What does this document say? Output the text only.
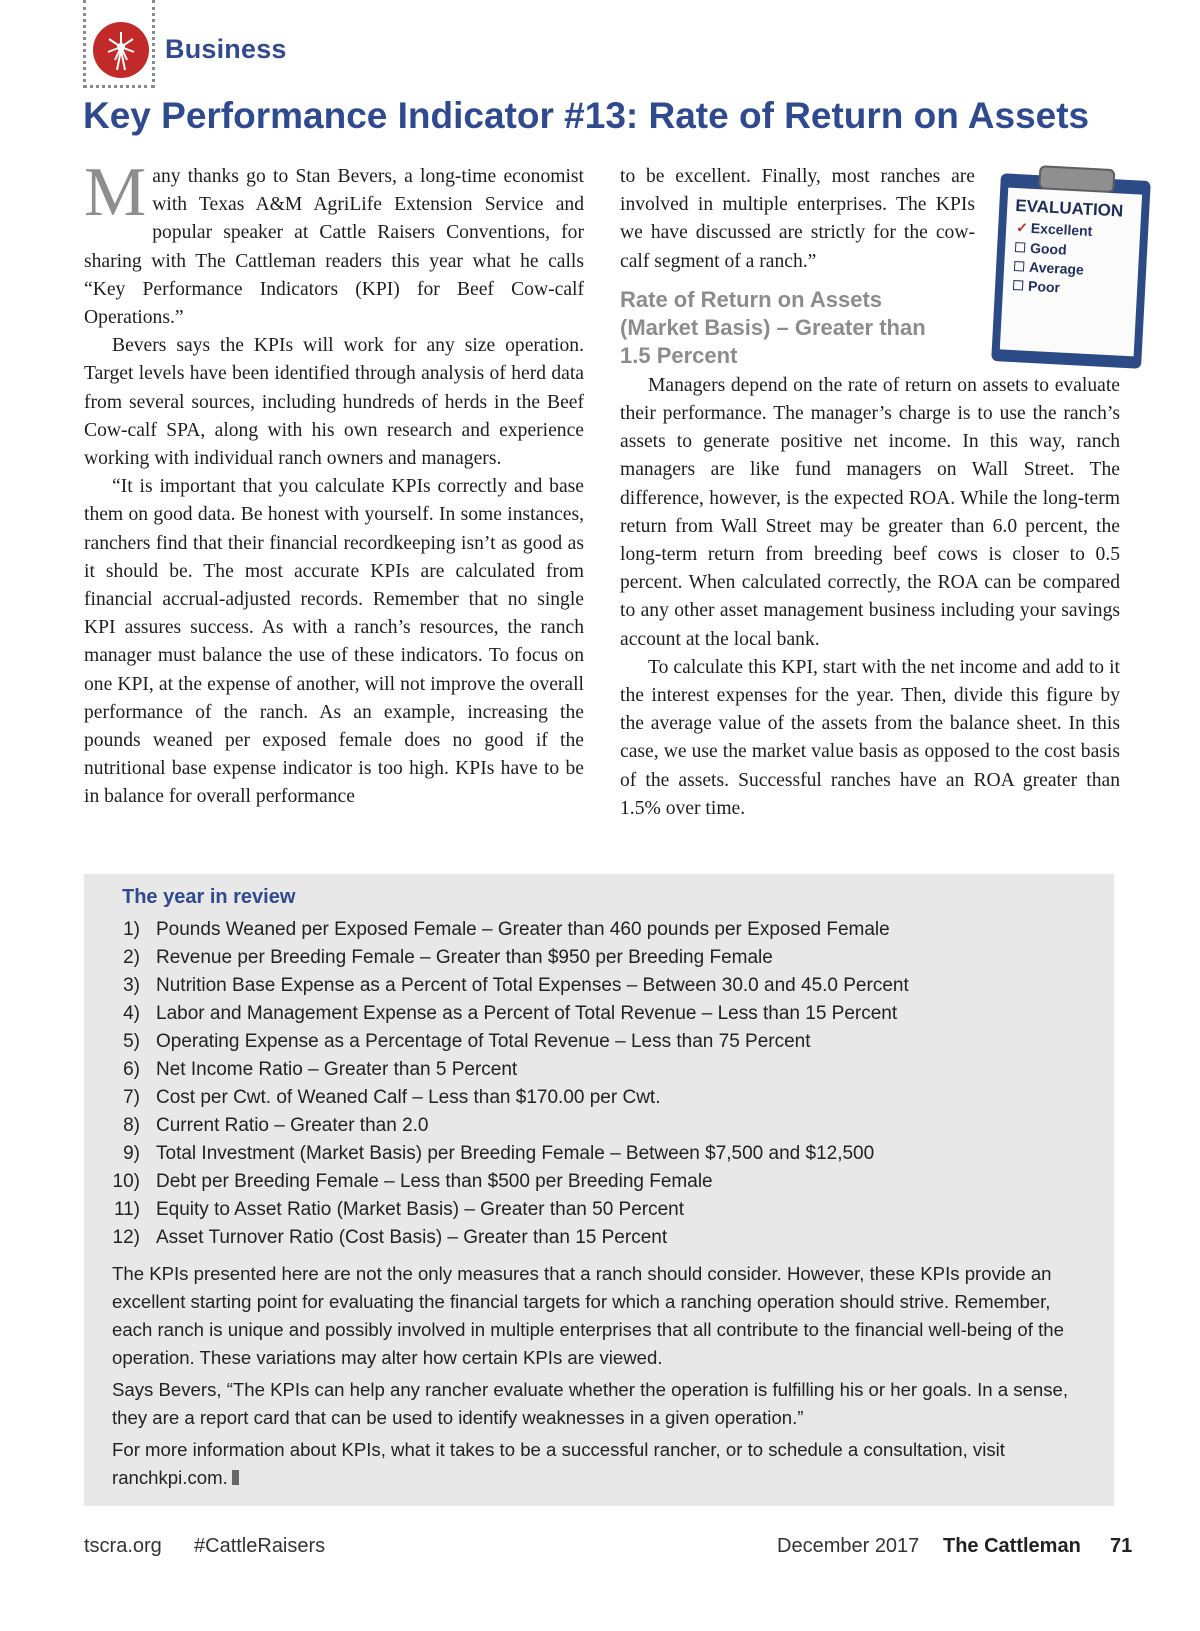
Business
Key Performance Indicator #13: Rate of Return on Assets

Many thanks go to Stan Bevers, a long-time economist with Texas A&M AgriLife Extension Service and popular speaker at Cattle Raisers Conventions, for sharing with The Cattleman readers this year what he calls “Key Performance Indicators (KPI) for Beef Cow-calf Operations.”

Bevers says the KPIs will work for any size operation. Target levels have been identified through analysis of herd data from several sources, including hundreds of herds in the Beef Cow-calf SPA, along with his own research and experience working with individual ranch owners and managers.

“It is important that you calculate KPIs correctly and base them on good data. Be honest with yourself. In some instances, ranchers find that their financial recordkeeping isn’t as good as it should be. The most accurate KPIs are calculated from financial accrual-adjusted records. Remember that no single KPI assures success. As with a ranch’s resources, the ranch manager must balance the use of these indicators. To focus on one KPI, at the expense of another, will not improve the overall performance of the ranch. As an example, increasing the pounds weaned per exposed female does no good if the nutritional base expense indicator is too high. KPIs have to be in balance for overall performance

to be excellent. Finally, most ranches are involved in multiple enterprises. The KPIs we have discussed are strictly for the cow-calf segment of a ranch.”

Rate of Return on Assets (Market Basis) – Greater than 1.5 Percent

Managers depend on the rate of return on assets to evaluate their performance. The manager’s charge is to use the ranch’s assets to generate positive net income. In this way, ranch managers are like fund managers on Wall Street. The difference, however, is the expected ROA. While the long-term return from Wall Street may be greater than 6.0 percent, the long-term return from breeding beef cows is closer to 0.5 percent. When calculated correctly, the ROA can be compared to any other asset management business including your savings account at the local bank.

To calculate this KPI, start with the net income and add to it the interest expenses for the year. Then, divide this figure by the average value of the assets from the balance sheet. In this case, we use the market value basis as opposed to the cost basis of the assets. Successful ranches have an ROA greater than 1.5% over time.

EVALUATION
✓ Excellent
Good
Average
Poor
The year in review
1) Pounds Weaned per Exposed Female – Greater than 460 pounds per Exposed Female
2) Revenue per Breeding Female – Greater than $950 per Breeding Female
3) Nutrition Base Expense as a Percent of Total Expenses – Between 30.0 and 45.0 Percent
4) Labor and Management Expense as a Percent of Total Revenue – Less than 15 Percent
5) Operating Expense as a Percentage of Total Revenue – Less than 75 Percent
6) Net Income Ratio – Greater than 5 Percent
7) Cost per Cwt. of Weaned Calf – Less than $170.00 per Cwt.
8) Current Ratio – Greater than 2.0
9) Total Investment (Market Basis) per Breeding Female – Between $7,500 and $12,500
10) Debt per Breeding Female – Less than $500 per Breeding Female
11) Equity to Asset Ratio (Market Basis) – Greater than 50 Percent
12) Asset Turnover Ratio (Cost Basis) – Greater than 15 Percent

The KPIs presented here are not the only measures that a ranch should consider. However, these KPIs provide an excellent starting point for evaluating the financial targets for which a ranching operation should strive. Remember, each ranch is unique and possibly involved in multiple enterprises that all contribute to the financial well-being of the operation. These variations may alter how certain KPIs are viewed.

Says Bevers, “The KPIs can help any rancher evaluate whether the operation is fulfilling his or her goals. In a sense, they are a report card that can be used to identify weaknesses in a given operation.”

For more information about KPIs, what it takes to be a successful rancher, or to schedule a consultation, visit ranchkpi.com.

tscra.org #CattleRaisers	December 2017 The Cattleman 71
